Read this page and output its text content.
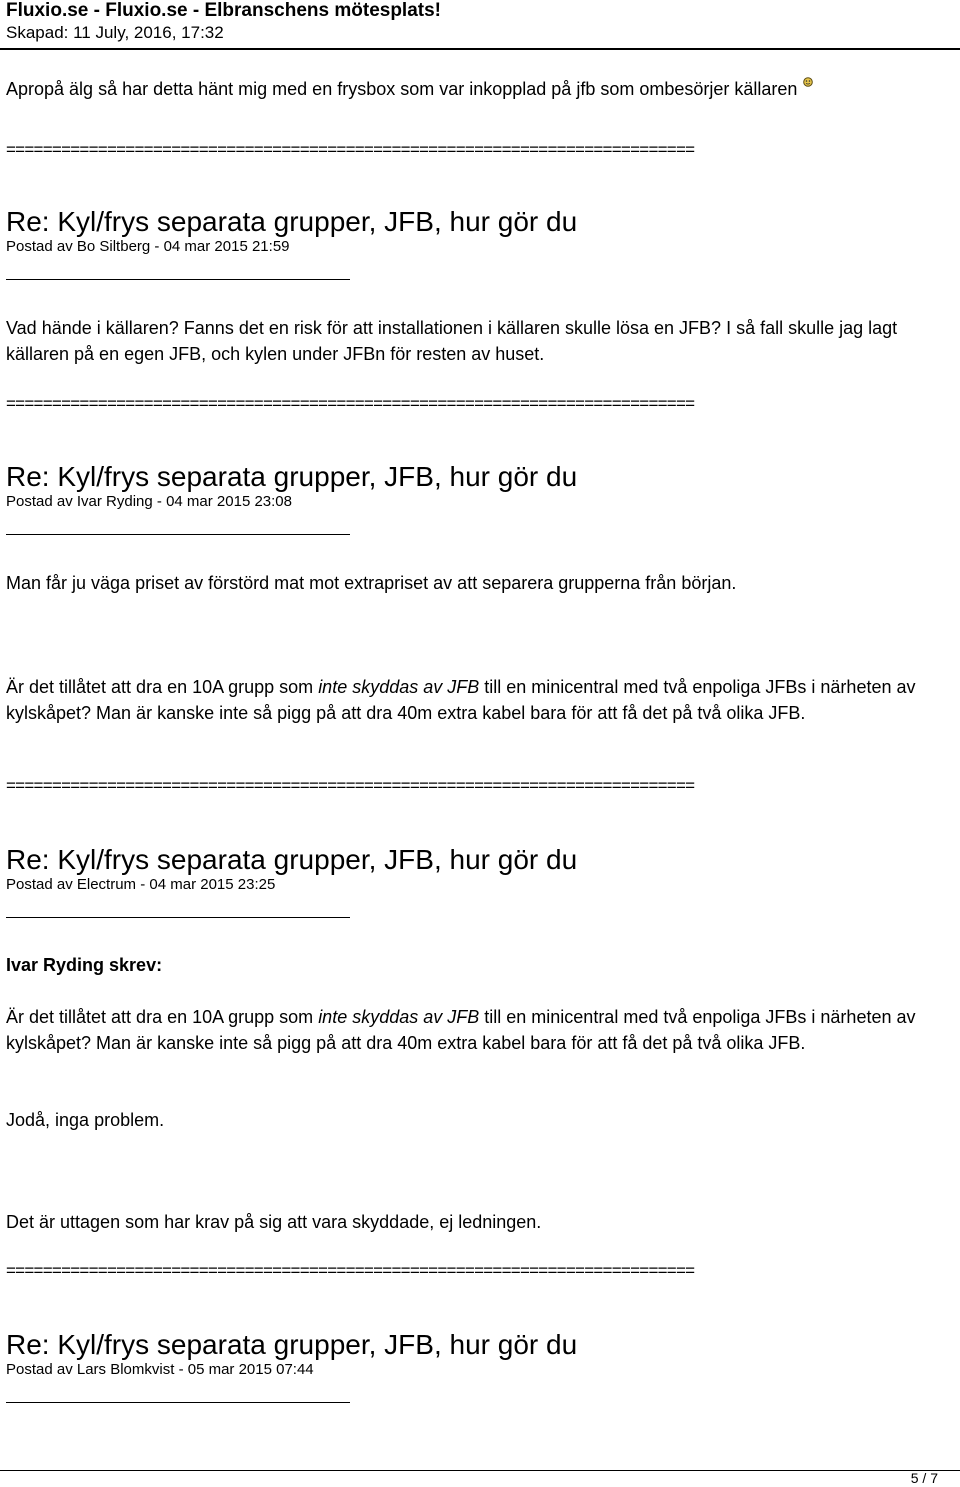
Fluxio.se - Fluxio.se - Elbranschens mötesplats!

Skapad: 11 July, 2016, 17:32

Apropå älg så har detta hänt mig med en frysbox som var inkopplad på jfb som ombesörjer källaren

===========================================================================

Re: Kyl/frys separata grupper, JFB, hur gör du

Postad av Bo Siltberg - 04 mar 2015 21:59

Vad hände i källaren? Fanns det en risk för att installationen i källaren skulle lösa en JFB? I så fall skulle jag lagt källaren på en egen JFB, och kylen under JFBn för resten av huset.

===========================================================================

Re: Kyl/frys separata grupper, JFB, hur gör du

Postad av Ivar Ryding - 04 mar 2015 23:08

Man får ju väga priset av förstörd mat mot extrapriset av att separera grupperna från början.

Är det tillåtet att dra en 10A grupp som inte skyddas av JFB till en minicentral med två enpoliga JFBs i närheten av kylskåpet? Man är kanske inte så pigg på att dra 40m extra kabel bara för att få det på två olika JFB.

===========================================================================

Re: Kyl/frys separata grupper, JFB, hur gör du

Postad av Electrum - 04 mar 2015 23:25

Ivar Ryding skrev:

Är det tillåtet att dra en 10A grupp som inte skyddas av JFB till en minicentral med två enpoliga JFBs i närheten av kylskåpet? Man är kanske inte så pigg på att dra 40m extra kabel bara för att få det på två olika JFB.

Jodå, inga problem.

Det är uttagen som har krav på sig att vara skyddade, ej ledningen.

===========================================================================

Re: Kyl/frys separata grupper, JFB, hur gör du

Postad av Lars Blomkvist - 05 mar 2015 07:44

5 / 7
